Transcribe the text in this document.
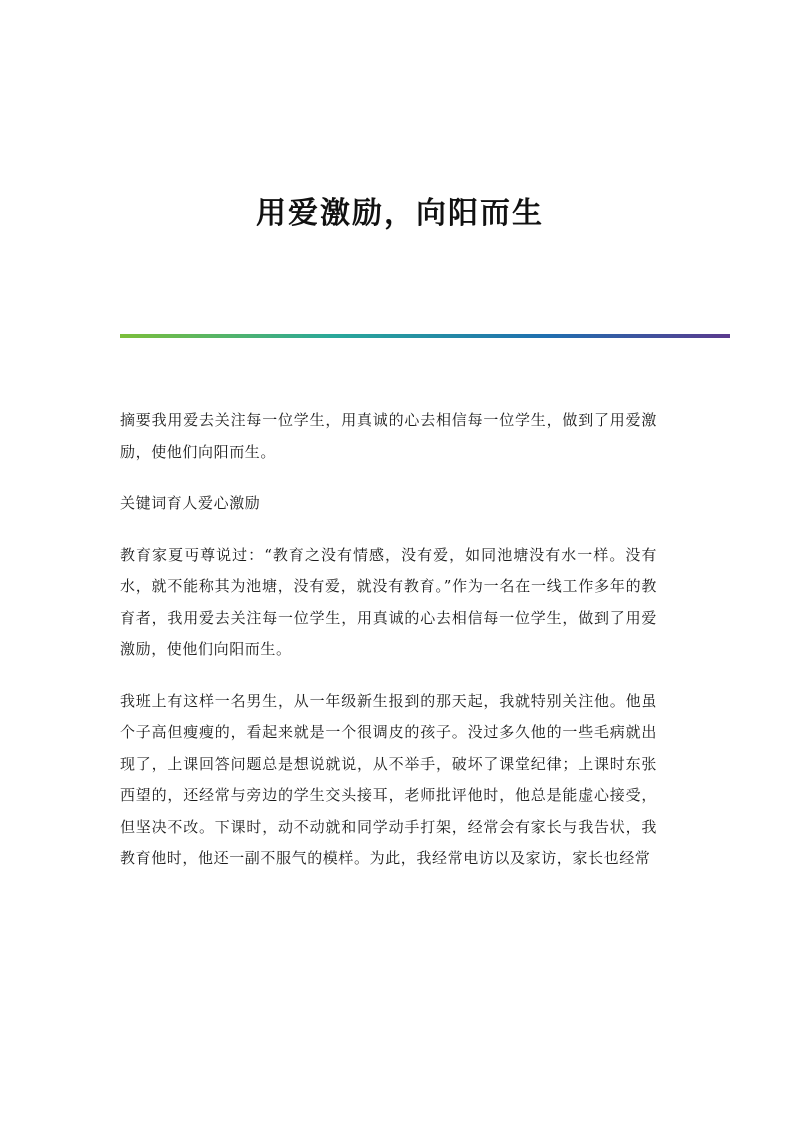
用爱激励，向阳而生

摘要我用爱去关注每一位学生，用真诚的心去相信每一位学生，做到了用爱激励，使他们向阳而生。

关键词育人爱心激励

教育家夏丏尊说过：“教育之没有情感，没有爱，如同池塘没有水一样。没有水，就不能称其为池塘，没有爱，就没有教育。”作为一名在一线工作多年的教育者，我用爱去关注每一位学生，用真诚的心去相信每一位学生，做到了用爱激励，使他们向阳而生。

我班上有这样一名男生，从一年级新生报到的那天起，我就特别关注他。他虽个子高但瘦瘦的，看起来就是一个很调皮的孩子。没过多久他的一些毛病就出现了，上课回答问题总是想说就说，从不举手，破坏了课堂纪律；上课时东张西望的，还经常与旁边的学生交头接耳，老师批评他时，他总是能虚心接受，但坚决不改。下课时，动不动就和同学动手打架，经常会有家长与我告状，我教育他时，他还一副不服气的模样。为此，我经常电访以及家访，家长也经常
